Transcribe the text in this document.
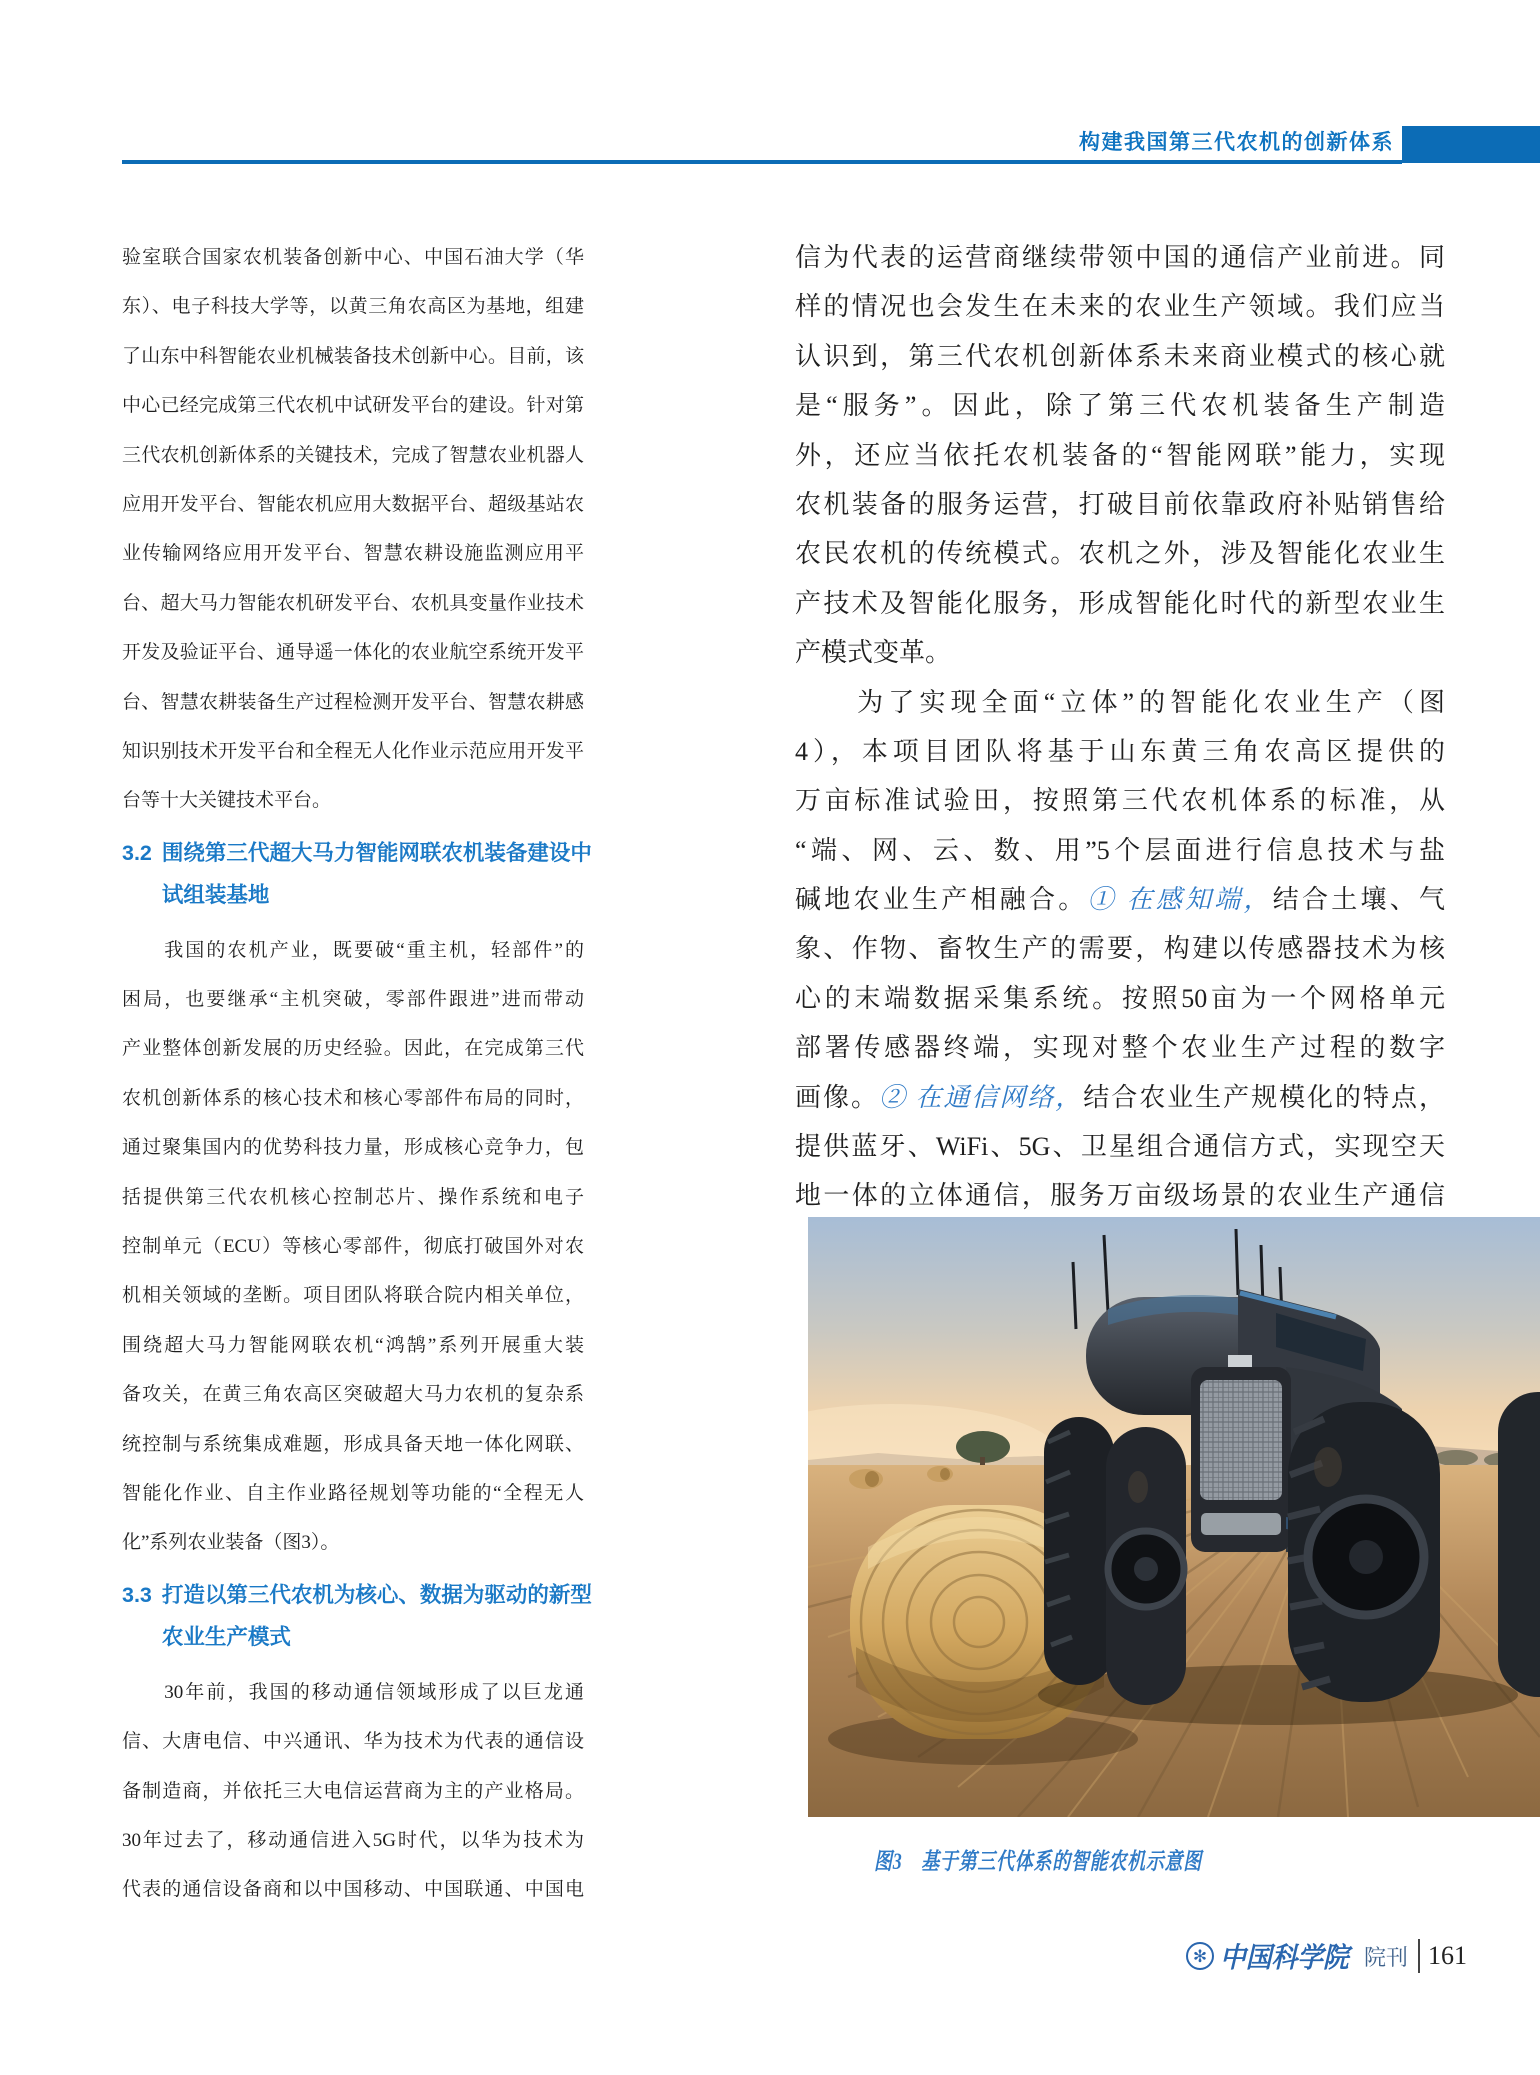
构建我国第三代农机的创新体系
验室联合国家农机装备创新中心、中国石油大学（华
东）、电子科技大学等，以黄三角农高区为基地，组建
了山东中科智能农业机械装备技术创新中心。目前，该
中心已经完成第三代农机中试研发平台的建设。针对第
三代农机创新体系的关键技术，完成了智慧农业机器人
应用开发平台、智能农机应用大数据平台、超级基站农
业传输网络应用开发平台、智慧农耕设施监测应用平
台、超大马力智能农机研发平台、农机具变量作业技术
开发及验证平台、通导遥一体化的农业航空系统开发平
台、智慧农耕装备生产过程检测开发平台、智慧农耕感
知识别技术开发平台和全程无人化作业示范应用开发平
台等十大关键技术平台。
3.2 围绕第三代超大马力智能网联农机装备建设中
试组装基地
　　我国的农机产业，既要破“重主机，轻部件”的
困局，也要继承“主机突破，零部件跟进”进而带动
产业整体创新发展的历史经验。因此，在完成第三代
农机创新体系的核心技术和核心零部件布局的同时，
通过聚集国内的优势科技力量，形成核心竞争力，包
括提供第三代农机核心控制芯片、操作系统和电子
控制单元（ECU）等核心零部件，彻底打破国外对农
机相关领域的垄断。项目团队将联合院内相关单位，
围绕超大马力智能网联农机“鸿鹄”系列开展重大装
备攻关，在黄三角农高区突破超大马力农机的复杂系
统控制与系统集成难题，形成具备天地一体化网联、
智能化作业、自主作业路径规划等功能的“全程无人
化”系列农业装备（图3）。
3.3 打造以第三代农机为核心、数据为驱动的新型
农业生产模式
　　30年前，我国的移动通信领域形成了以巨龙通
信、大唐电信、中兴通讯、华为技术为代表的通信设
备制造商，并依托三大电信运营商为主的产业格局。
30年过去了，移动通信进入5G时代，以华为技术为
代表的通信设备商和以中国移动、中国联通、中国电
信为代表的运营商继续带领中国的通信产业前进。同
样的情况也会发生在未来的农业生产领域。我们应当
认识到，第三代农机创新体系未来商业模式的核心就
是“服务”。因此，除了第三代农机装备生产制造
外，还应当依托农机装备的“智能网联”能力，实现
农机装备的服务运营，打破目前依靠政府补贴销售给
农民农机的传统模式。农机之外，涉及智能化农业生
产技术及智能化服务，形成智能化时代的新型农业生
产模式变革。
　　为了实现全面“立体”的智能化农业生产（图
4），本项目团队将基于山东黄三角农高区提供的
万亩标准试验田，按照第三代农机体系的标准，从
“端、网、云、数、用”5个层面进行信息技术与盐
碱地农业生产相融合。① 在感知端，结合土壤、气
象、作物、畜牧生产的需要，构建以传感器技术为核
心的末端数据采集系统。按照50亩为一个网格单元
部署传感器终端，实现对整个农业生产过程的数字
画像。② 在通信网络，结合农业生产规模化的特点，
提供蓝牙、WiFi、5G、卫星组合通信方式，实现空天
地一体的立体通信，服务万亩级场景的农业生产通信
图3　基于第三代体系的智能农机示意图
✻ 中国科学院 院刊 161
